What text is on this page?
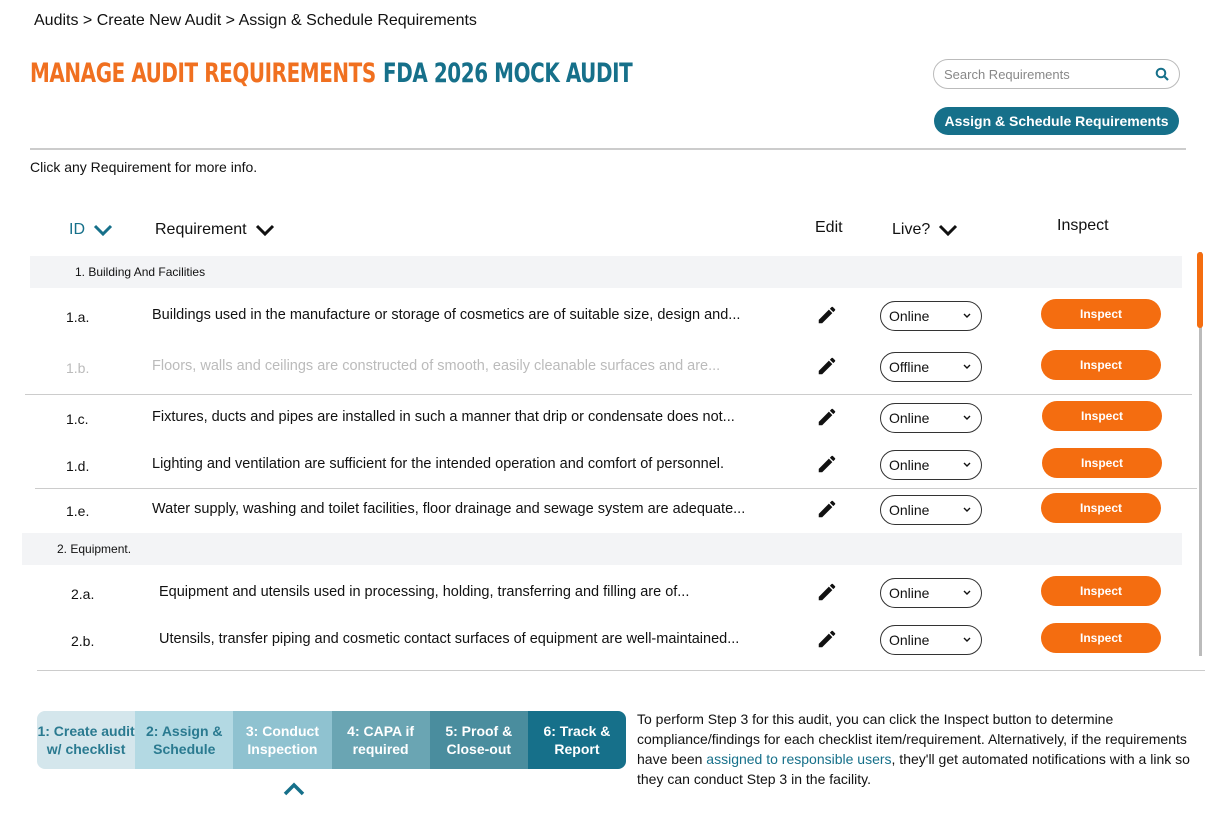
Audits > Create New Audit > Assign & Schedule Requirements
MANAGE AUDIT REQUIREMENTS FDA 2026 MOCK AUDIT	Search Requirements
Assign & Schedule Requirements
Click any Requirement for more info.
ID	Requirement	Edit	Live?	Inspect
1. Building And Facilities
1.a.	Buildings used in the manufacture or storage of cosmetics are of suitable size, design and...	Online	Inspect
1.b.	Floors, walls and ceilings are constructed of smooth, easily cleanable surfaces and are...	Offline	Inspect
1.c.	Fixtures, ducts and pipes are installed in such a manner that drip or condensate does not...	Online	Inspect
1.d.	Lighting and ventilation are sufficient for the intended operation and comfort of personnel.	Online	Inspect
1.e.	Water supply, washing and toilet facilities, floor drainage and sewage system are adequate...	Online	Inspect
2. Equipment.
2.a.	Equipment and utensils used in processing, holding, transferring and filling are of...	Online	Inspect
2.b.	Utensils, transfer piping and cosmetic contact surfaces of equipment are well-maintained...	Online	Inspect
1: Create audit
w/ checklist
2: Assign &
Schedule
3: Conduct
Inspection
4: CAPA if
required
5: Proof &
Close-out
6: Track &
Report
To perform Step 3 for this audit, you can click the Inspect button to determine compliance/findings for each checklist item/requirement. Alternatively, if the requirements have been assigned to responsible users, they'll get automated notifications with a link so they can conduct Step 3 in the facility.
